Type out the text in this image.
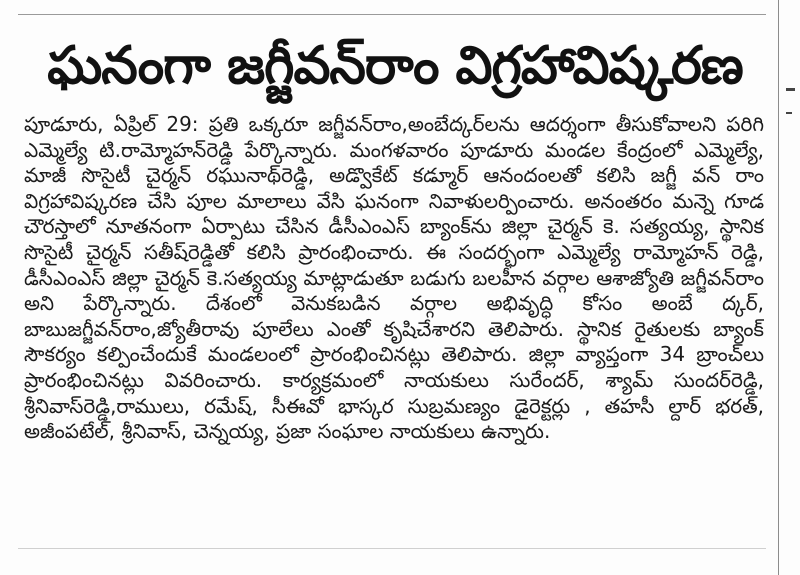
ఘనంగా జగ్జీవన్‌రాం విగ్రహావిష్కరణ

పూడూరు, ఏప్రిల్ 29: ప్రతి ఒక్కరూ జగ్జీవన్‌రాం,అంబేద్కర్‌లను ఆదర్శంగా తీసుకోవాలని పరిగి ఎమ్మెల్యే టి.రామ్మోహన్‌రెడ్డి పేర్కొన్నారు. మంగళవారం పూడూరు మండల కేంద్రంలో ఎమ్మెల్యే, మాజీ సొసైటీ చైర్మన్ రఘునాథ్‌రెడ్డి, అడ్వొకేట్ కడ్మూర్ ఆనందంలతో కలిసి జగ్జీ వన్ రాం విగ్రహావిష్కరణ చేసి పూల మాలాలు వేసి ఘనంగా నివాళులర్పించారు. అనంతరం మన్నె గూడ చౌరస్తాలో నూతనంగా ఏర్పాటు చేసిన డీసీఎంఎస్ బ్యాంక్‌ను జిల్లా చైర్మన్ కె. సత్యయ్య, స్థానిక సొసైటీ చైర్మన్ సతీష్‌రెడ్డితో కలిసి ప్రారంభించారు. ఈ సందర్భంగా ఎమ్మెల్యే రామ్మోహన్ రెడ్డి, డీసీఎంఎస్ జిల్లా చైర్మన్ కె.సత్యయ్య మాట్లాడుతూ బడుగు బలహీన వర్గాల ఆశాజ్యోతి జగ్జీవన్‌రాం అని పేర్కొన్నారు. దేశంలో వెనుకబడిన వర్గాల అభివృద్ధి కోసం అంబే ద్కర్, బాబుజగ్జీవన్‌రాం,జ్యోతీరావు పూలేలు ఎంతో కృషిచేశారని తెలిపారు. స్థానిక రైతులకు బ్యాంక్ సౌకర్యం కల్పించేందుకే మండలంలో ప్రారంభించినట్లు తెలిపారు. జిల్లా వ్యాప్తంగా 34 బ్రాంచ్‌లు ప్రారంభించినట్లు వివరించారు. కార్యక్రమంలో నాయకులు సురేందర్, శ్యామ్ సుందర్‌రెడ్డి, శ్రీనివాస్‌రెడ్డి,రాములు, రమేష్, సీఈవో భాస్కర సుబ్రమణ్యం డైరెక్టర్లు , తహసీ ల్దార్ భరత్, అజీంపటేల్, శ్రీనివాస్, చెన్నయ్య, ప్రజా సంఘాల నాయకులు ఉన్నారు.
